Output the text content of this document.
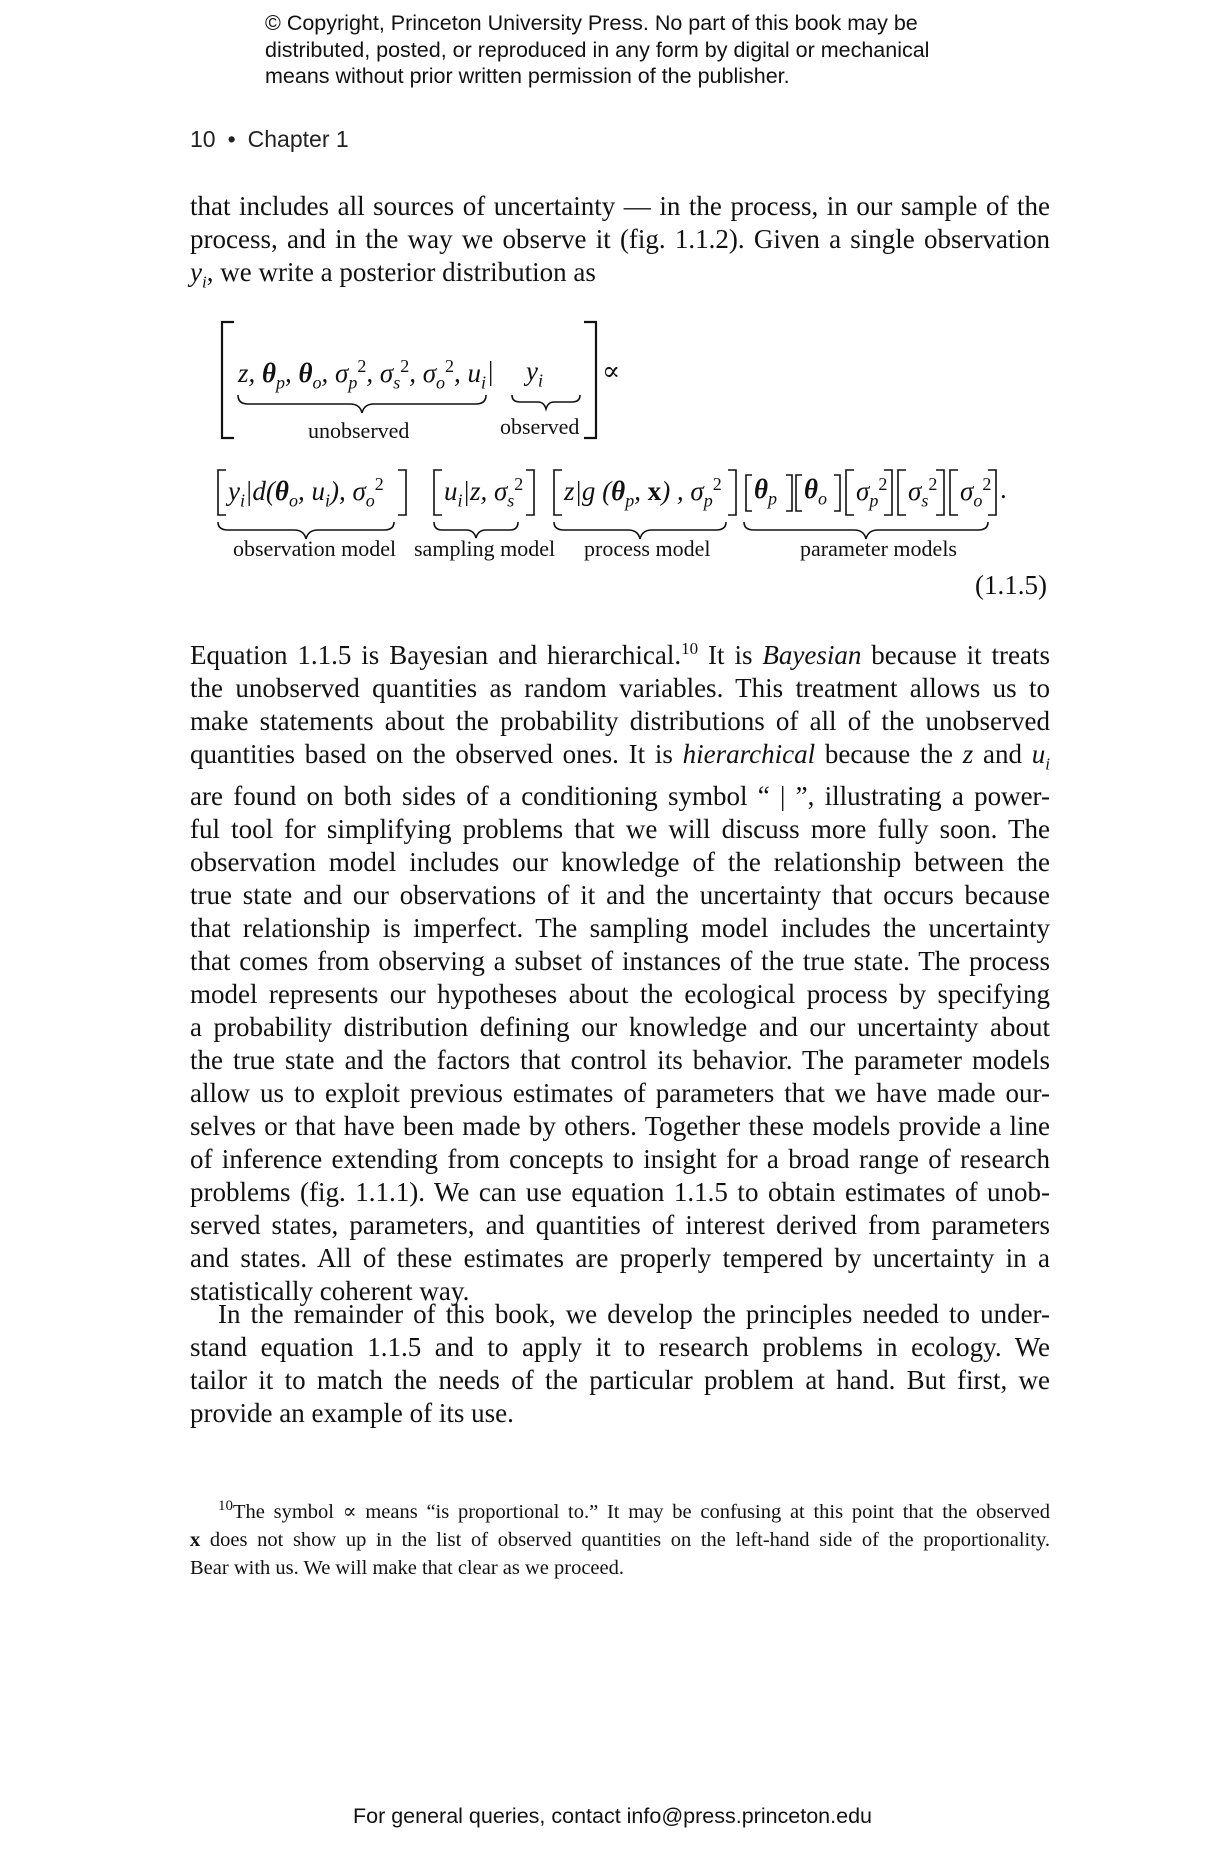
© Copyright, Princeton University Press. No part of this book may be
distributed, posted, or reproduced in any form by digital or mechanical
means without prior written permission of the publisher.
10 • Chapter 1

that includes all sources of uncertainty — in the process, in our sample of the
process, and in the way we observe it (fig. 1.1.2). Given a single observation
$y_i$, we write a posterior distribution as

z, $\theta_p$, $\theta_o$, $\sigma_p^2$, $\sigma_s^2$, $\sigma_o^2$, $u_i$ | $y_i$ ∝
unobserved	observed
$y_i|d(\theta_o$, $u_i$), $\sigma_o^2$ $u_i|z$, $\sigma_s^2$ z|g ($\theta_p$, x) , $\sigma_p^2$ $\theta_p$ $\theta_o$ $\sigma_p^2$ $\sigma_s^2$ $\sigma_o^2$ .
observation model sampling model process model	parameter models
(1.1.5)

Equation 1.1.5 is Bayesian and hierarchical.$^{10}$ It is Bayesian because it treats
the unobserved quantities as random variables. This treatment allows us to
make statements about the probability distributions of all of the unobserved
quantities based on the observed ones. It is hierarchical because the z and $u_i$
are found on both sides of a conditioning symbol “ | ”, illustrating a power-
ful tool for simplifying problems that we will discuss more fully soon. The
observation model includes our knowledge of the relationship between the
true state and our observations of it and the uncertainty that occurs because
that relationship is imperfect. The sampling model includes the uncertainty
that comes from observing a subset of instances of the true state. The process
model represents our hypotheses about the ecological process by specifying
a probability distribution defining our knowledge and our uncertainty about
the true state and the factors that control its behavior. The parameter models
allow us to exploit previous estimates of parameters that we have made our-
selves or that have been made by others. Together these models provide a line
of inference extending from concepts to insight for a broad range of research
problems (fig. 1.1.1). We can use equation 1.1.5 to obtain estimates of unob-
served states, parameters, and quantities of interest derived from parameters
and states. All of these estimates are properly tempered by uncertainty in a
statistically coherent way.

In the remainder of this book, we develop the principles needed to under-
stand equation 1.1.5 and to apply it to research problems in ecology. We
tailor it to match the needs of the particular problem at hand. But first, we
provide an example of its use.

$^{10}$The symbol ∝ means “is proportional to.” It may be confusing at this point that the observed
x does not show up in the list of observed quantities on the left-hand side of the proportionality.
Bear with us. We will make that clear as we proceed.
For general queries, contact info@press.princeton.edu
